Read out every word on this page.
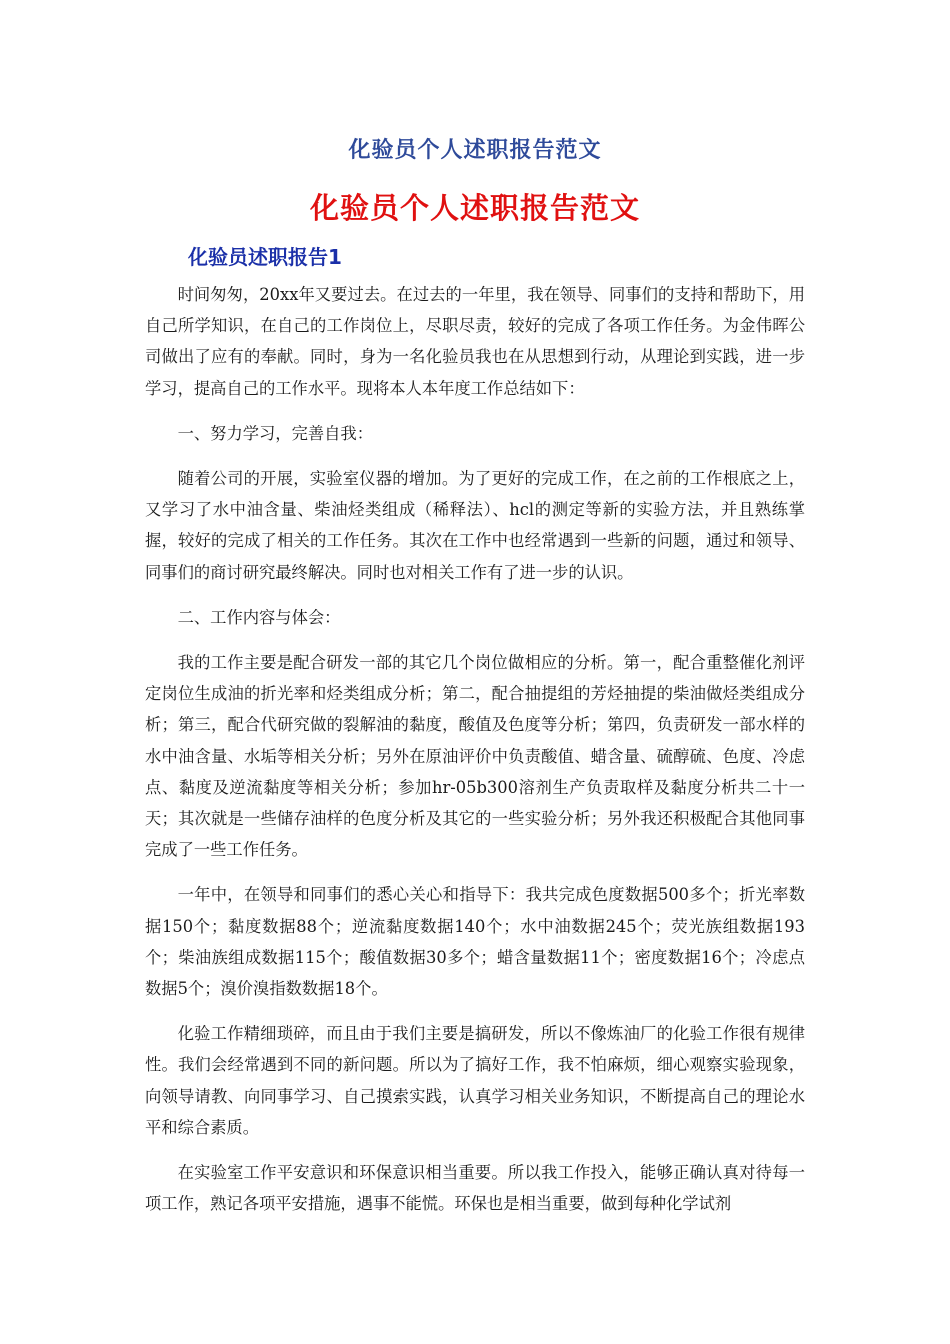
化验员个人述职报告范文
化验员个人述职报告范文
化验员述职报告1

时间匆匆，20xx年又要过去。在过去的一年里，我在领导、同事们的支持和帮助下，用自己所学知识，在自己的工作岗位上，尽职尽责，较好的完成了各项工作任务。为金伟晖公司做出了应有的奉献。同时，身为一名化验员我也在从思想到行动，从理论到实践，进一步学习，提高自己的工作水平。现将本人本年度工作总结如下：

一、努力学习，完善自我：

随着公司的开展，实验室仪器的增加。为了更好的完成工作，在之前的工作根底之上，又学习了水中油含量、柴油烃类组成（稀释法）、hcl的测定等新的实验方法，并且熟练掌握，较好的完成了相关的工作任务。其次在工作中也经常遇到一些新的问题，通过和领导、同事们的商讨研究最终解决。同时也对相关工作有了进一步的认识。

二、工作内容与体会：

我的工作主要是配合研发一部的其它几个岗位做相应的分析。第一，配合重整催化剂评定岗位生成油的折光率和烃类组成分析；第二，配合抽提组的芳烃抽提的柴油做烃类组成分析；第三，配合代研究做的裂解油的黏度，酸值及色度等分析；第四，负责研发一部水样的水中油含量、水垢等相关分析；另外在原油评价中负责酸值、蜡含量、硫醇硫、色度、冷虑点、黏度及逆流黏度等相关分析；参加hr-05b300溶剂生产负责取样及黏度分析共二十一天；其次就是一些储存油样的色度分析及其它的一些实验分析；另外我还积极配合其他同事完成了一些工作任务。

一年中，在领导和同事们的悉心关心和指导下：我共完成色度数据500多个；折光率数据150个；黏度数据88个；逆流黏度数据140个；水中油数据245个；荧光族组数据193个；柴油族组成数据115个；酸值数据30多个；蜡含量数据11个；密度数据16个；冷虑点数据5个；溴价溴指数数据18个。

化验工作精细琐碎，而且由于我们主要是搞研发，所以不像炼油厂的化验工作很有规律性。我们会经常遇到不同的新问题。所以为了搞好工作，我不怕麻烦，细心观察实验现象，向领导请教、向同事学习、自己摸索实践，认真学习相关业务知识，不断提高自己的理论水平和综合素质。

在实验室工作平安意识和环保意识相当重要。所以我工作投入，能够正确认真对待每一项工作，熟记各项平安措施，遇事不能慌。环保也是相当重要，做到每种化学试剂
